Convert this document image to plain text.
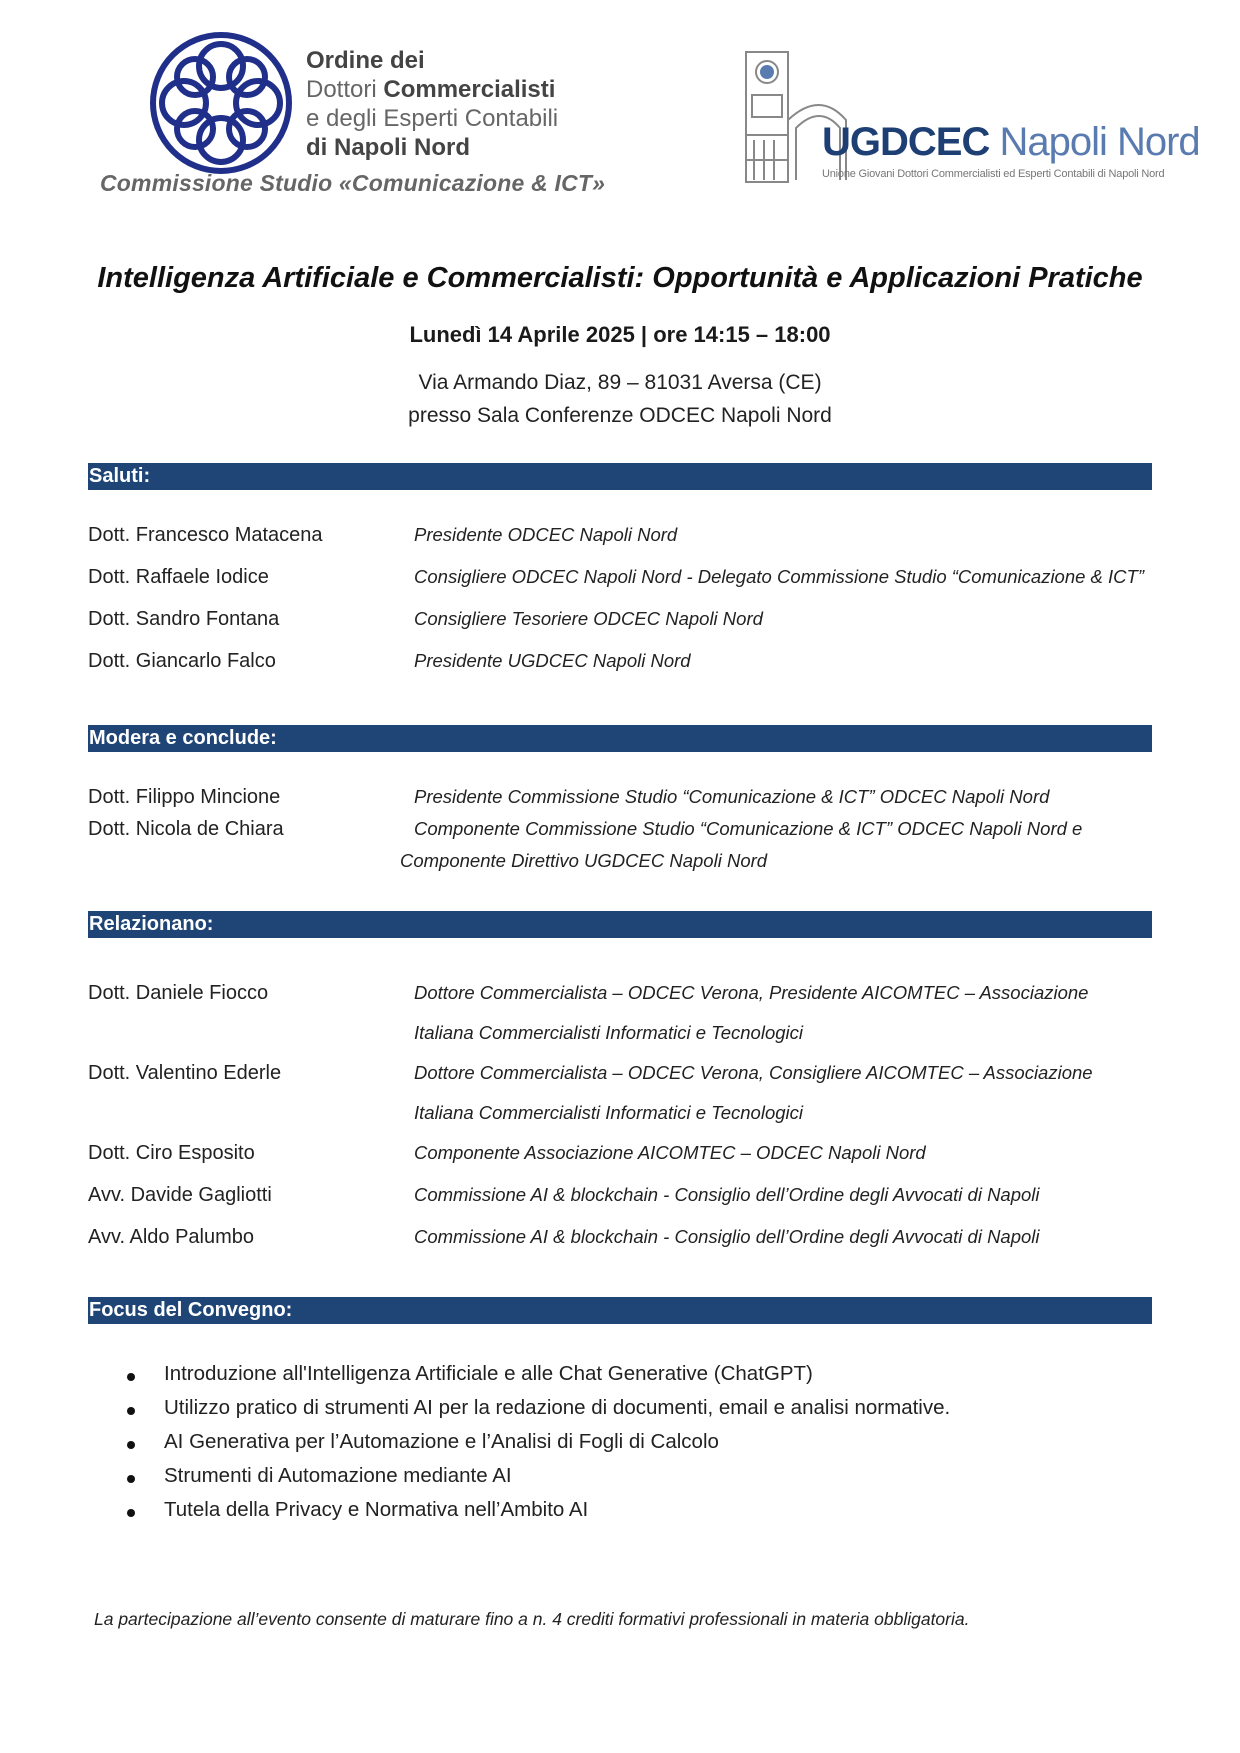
Ordine dei
Dottori Commercialisti
e degli Esperti Contabili
di Napoli Nord
Commissione Studio «Comunicazione & ICT»
UGDCEC Napoli Nord
Unione Giovani Dottori Commercialisti ed Esperti Contabili di Napoli Nord
Intelligenza Artificiale e Commercialisti: Opportunità e Applicazioni Pratiche
Lunedì 14 Aprile 2025 | ore 14:15 – 18:00
Via Armando Diaz, 89 – 81031 Aversa (CE)
presso Sala Conferenze ODCEC Napoli Nord
Saluti:
Dott. Francesco Matacena	Presidente ODCEC Napoli Nord
Dott. Raffaele Iodice	Consigliere ODCEC Napoli Nord - Delegato Commissione Studio “Comunicazione & ICT”
Dott. Sandro Fontana	Consigliere Tesoriere ODCEC Napoli Nord
Dott. Giancarlo Falco	Presidente UGDCEC Napoli Nord
Modera e conclude:
Dott. Filippo Mincione	Presidente Commissione Studio “Comunicazione & ICT” ODCEC Napoli Nord
Dott. Nicola de Chiara	Componente Commissione Studio “Comunicazione & ICT” ODCEC Napoli Nord e
Componente Direttivo UGDCEC Napoli Nord
Relazionano:
Dott. Daniele Fiocco	Dottore Commercialista – ODCEC Verona, Presidente AICOMTEC – Associazione
Italiana Commercialisti Informatici e Tecnologici
Dott. Valentino Ederle	Dottore Commercialista – ODCEC Verona, Consigliere AICOMTEC – Associazione
Italiana Commercialisti Informatici e Tecnologici
Dott. Ciro Esposito	Componente Associazione AICOMTEC – ODCEC Napoli Nord
Avv. Davide Gagliotti	Commissione AI & blockchain - Consiglio dell’Ordine degli Avvocati di Napoli
Avv. Aldo Palumbo	Commissione AI & blockchain - Consiglio dell’Ordine degli Avvocati di Napoli
Focus del Convegno:
Introduzione all'Intelligenza Artificiale e alle Chat Generative (ChatGPT)
Utilizzo pratico di strumenti AI per la redazione di documenti, email e analisi normative.
AI Generativa per l’Automazione e l’Analisi di Fogli di Calcolo
Strumenti di Automazione mediante AI
Tutela della Privacy e Normativa nell’Ambito AI
La partecipazione all’evento consente di maturare fino a n. 4 crediti formativi professionali in materia obbligatoria.
